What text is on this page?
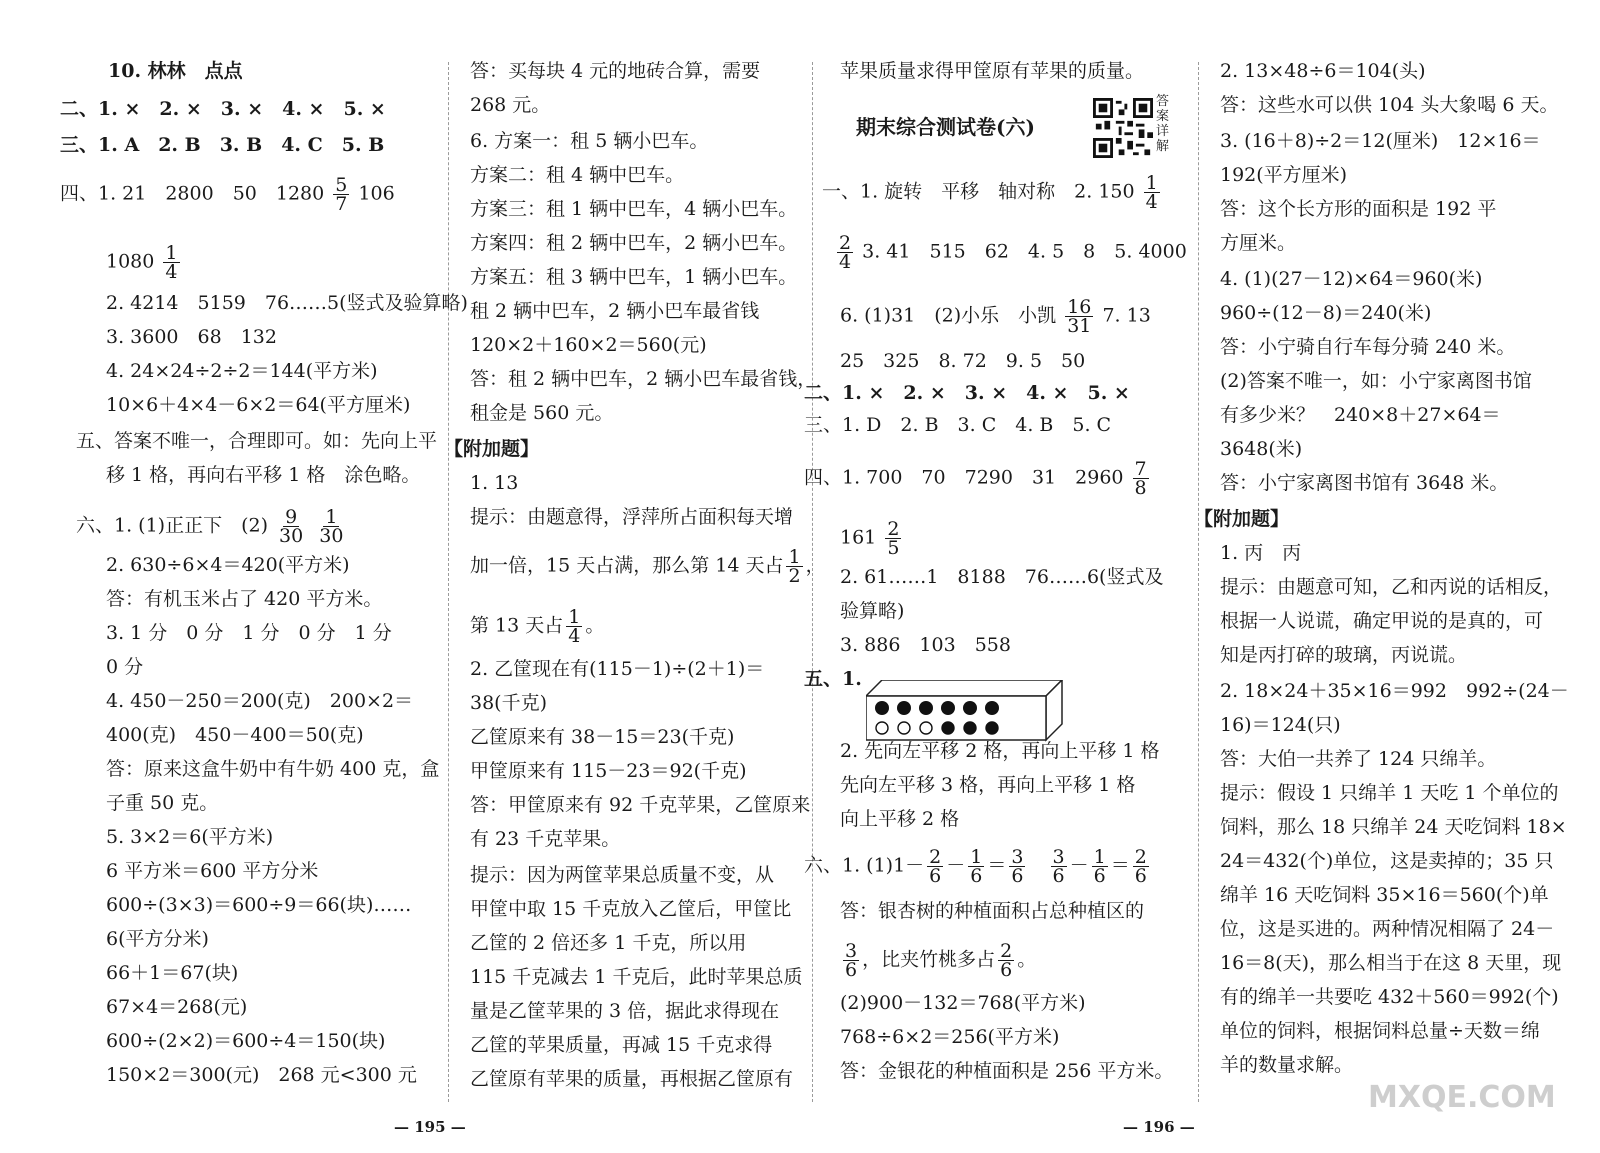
10. 林林　点点
二、1. ×　2. ×　3. ×　4. ×　5. ×
三、1. A　2. B　3. B　4. C　5. B
四、1. 21　2800　50　$1280 \frac{5}{7} 106$
$1080 \frac{1}{4}$
2. 4214　5159　76……5(竖式及验算略)
3. 3600　68　132
4. 24×24÷2÷2＝144(平方米)
10×6＋4×4－6×2＝64(平方厘米)
五、答案不唯一，合理即可。如：先向上平
移 1 格，再向右平移 1 格　涂色略。
六、1. (1)正正下　$(2) \frac{9}{30}$
$\frac{1}{30}$
2. 630÷6×4＝420(平方米)
答：有机玉米占了 420 平方米。
3. 1 分　0 分　1 分　0 分　1 分
0 分
4. 450－250＝200(克)　200×2＝
400(克)　450－400＝50(克)
答：原来这盒牛奶中有牛奶 400 克，盒
子重 50 克。
5. 3×2＝6(平方米)
6 平方米＝600 平方分米
600÷(3×3)＝600÷9＝66(块)……
6(平方分米)
66＋1＝67(块)
67×4＝268(元)
600÷(2×2)＝600÷4＝150(块)
150×2＝300(元)　268 元<300 元
答：买每块 4 元的地砖合算，需要
268 元。
6. 方案一：租 5 辆小巴车。
方案二：租 4 辆中巴车。
方案三：租 1 辆中巴车，4 辆小巴车。
方案四：租 2 辆中巴车，2 辆小巴车。
方案五：租 3 辆中巴车，1 辆小巴车。
租 2 辆中巴车，2 辆小巴车最省钱
120×2＋160×2＝560(元)
答：租 2 辆中巴车，2 辆小巴车最省钱，
租金是 560 元。
【附加题】
1. 13
提示：由题意得，浮萍所占面积每天增
加一倍，15 天占满，那么第 14 天占 $\frac{1}{2}$ ，
第 13 天占 $\frac{1}{4}$ 。
2. 乙筐现在有(115－1)÷(2＋1)＝
38(千克)
乙筐原来有 38－15＝23(千克)
甲筐原来有 115－23＝92(千克)
答：甲筐原来有 92 千克苹果，乙筐原来
有 23 千克苹果。
提示：因为两筐苹果总质量不变，从
甲筐中取 15 千克放入乙筐后，甲筐比
乙筐的 2 倍还多 1 千克，所以用
115 千克减去 1 千克后，此时苹果总质
量是乙筐苹果的 3 倍，据此求得现在
乙筐的苹果质量，再减 15 千克求得
乙筐原有苹果的质量，再根据乙筐原有
苹果质量求得甲筐原有苹果的质量。
期末综合测试卷(六)
一、1. 旋转　平移　轴对称　2. $150 \frac{1}{4}$
$\frac{2}{4} 3$. 41　515　62　4. 5　8　5. 4000
6. (1)31　(2)小乐　小凯 $\frac{16}{31} 7$. 13
25　325　8. 72　9. 5　50
二、1. ×　2. ×　3. ×　4. ×　5. ×
三、1. D　2. B　3. C　4. B　5. C
四、1. 700　70　7290　31　$2960 \frac{7}{8}$
$161 \frac{2}{5}$
2. 61……1　8188　76……6(竖式及
验算略)
3. 886　103　558
五、1.
2. 先向左平移 2 格，再向上平移 1 格
先向左平移 3 格，再向上平移 1 格
向上平移 2 格
六、1. $(1)1- \frac{2}{6} - \frac{1}{6} = \frac{3}{6}$
　 $\frac{3}{6} - \frac{1}{6} = \frac{2}{6}$
答：银杏树的种植面积占总种植区的
$\frac{3}{6}$ ，比夹竹桃多占 $\frac{2}{6}$ 。
(2)900－132＝768(平方米)
768÷6×2＝256(平方米)
答：金银花的种植面积是 256 平方米。
答案详解
2. 13×48÷6＝104(头)
答：这些水可以供 104 头大象喝 6 天。
3. (16＋8)÷2＝12(厘米)　12×16＝
192(平方厘米)
答：这个长方形的面积是 192 平
方厘米。
4. (1)(27－12)×64＝960(米)
960÷(12－8)＝240(米)
答：小宁骑自行车每分骑 240 米。
(2)答案不唯一，如：小宁家离图书馆
有多少米？　240×8＋27×64＝
3648(米)
答：小宁家离图书馆有 3648 米。
【附加题】
1. 丙　丙
提示：由题意可知，乙和丙说的话相反，
根据一人说谎，确定甲说的是真的，可
知是丙打碎的玻璃，丙说谎。
2. 18×24＋35×16＝992　992÷(24－
16)＝124(只)
答：大伯一共养了 124 只绵羊。
提示：假设 1 只绵羊 1 天吃 1 个单位的
饲料，那么 18 只绵羊 24 天吃饲料 18×
24＝432(个)单位，这是卖掉的；35 只
绵羊 16 天吃饲料 35×16＝560(个)单
位，这是买进的。两种情况相隔了 24－
16＝8(天)，那么相当于在这 8 天里，现
有的绵羊一共要吃 432＋560＝992(个)
单位的饲料，根据饲料总量÷天数＝绵
羊的数量求解。
— 195 —	— 196 —
MXQE.COM
